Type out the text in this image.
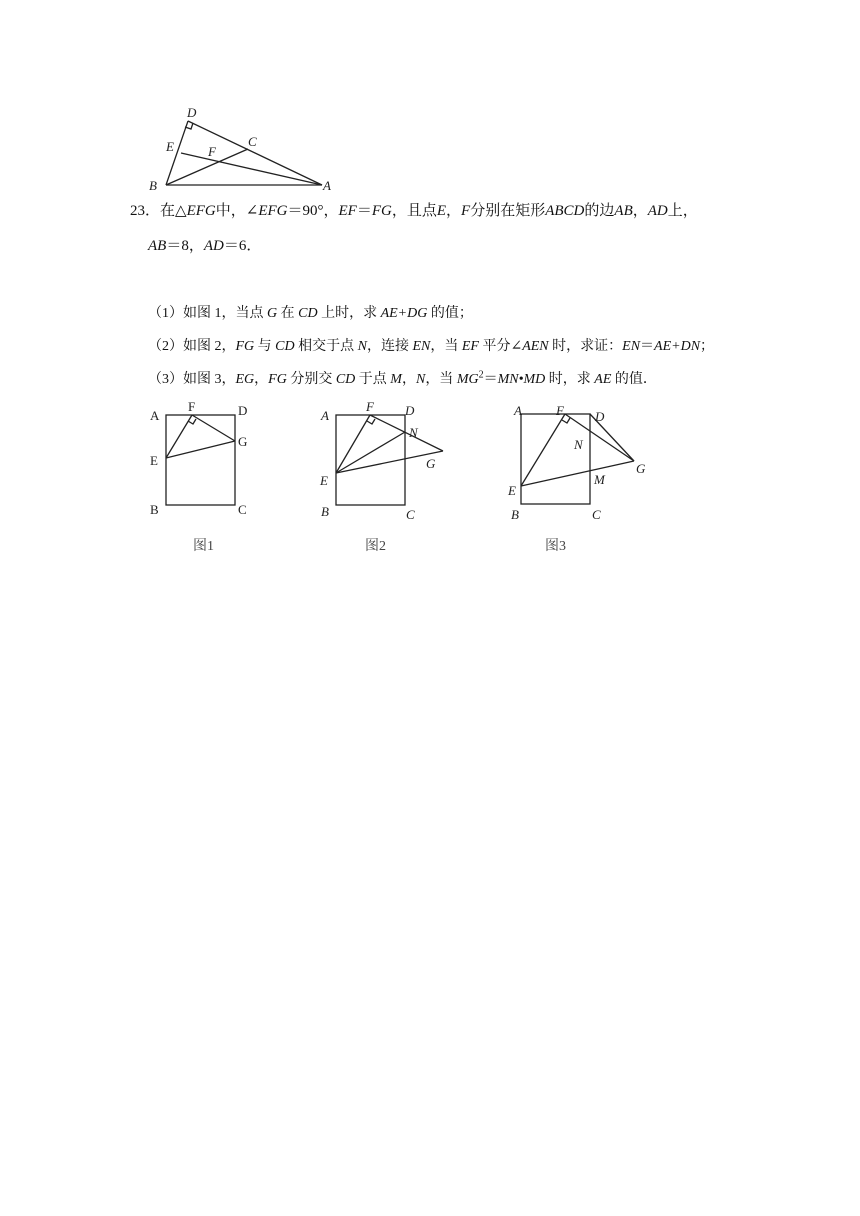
D
E	F
C
B	A
23．在△EFG中，∠EFG＝90°，EF＝FG，且点E，F分别在矩形ABCD的边AB，AD上，
AB＝8，AD＝6．
（1）如图 1，当点 G 在 CD 上时，求 AE+DG 的值；
（2）如图 2，FG 与 CD 相交于点 N，连接 EN，当 EF 平分∠AEN 时，求证：EN＝AE+DN；
（3）如图 3，EG，FG 分别交 CD 于点 M，N，当 $MG^2=MN•MD$ 时，求 AE 的值．
A
F	D
G
E
B	C
A
F D
N
G
E
B	C
A	F D
N
G
M
E
B	C
图1	图2	图3
